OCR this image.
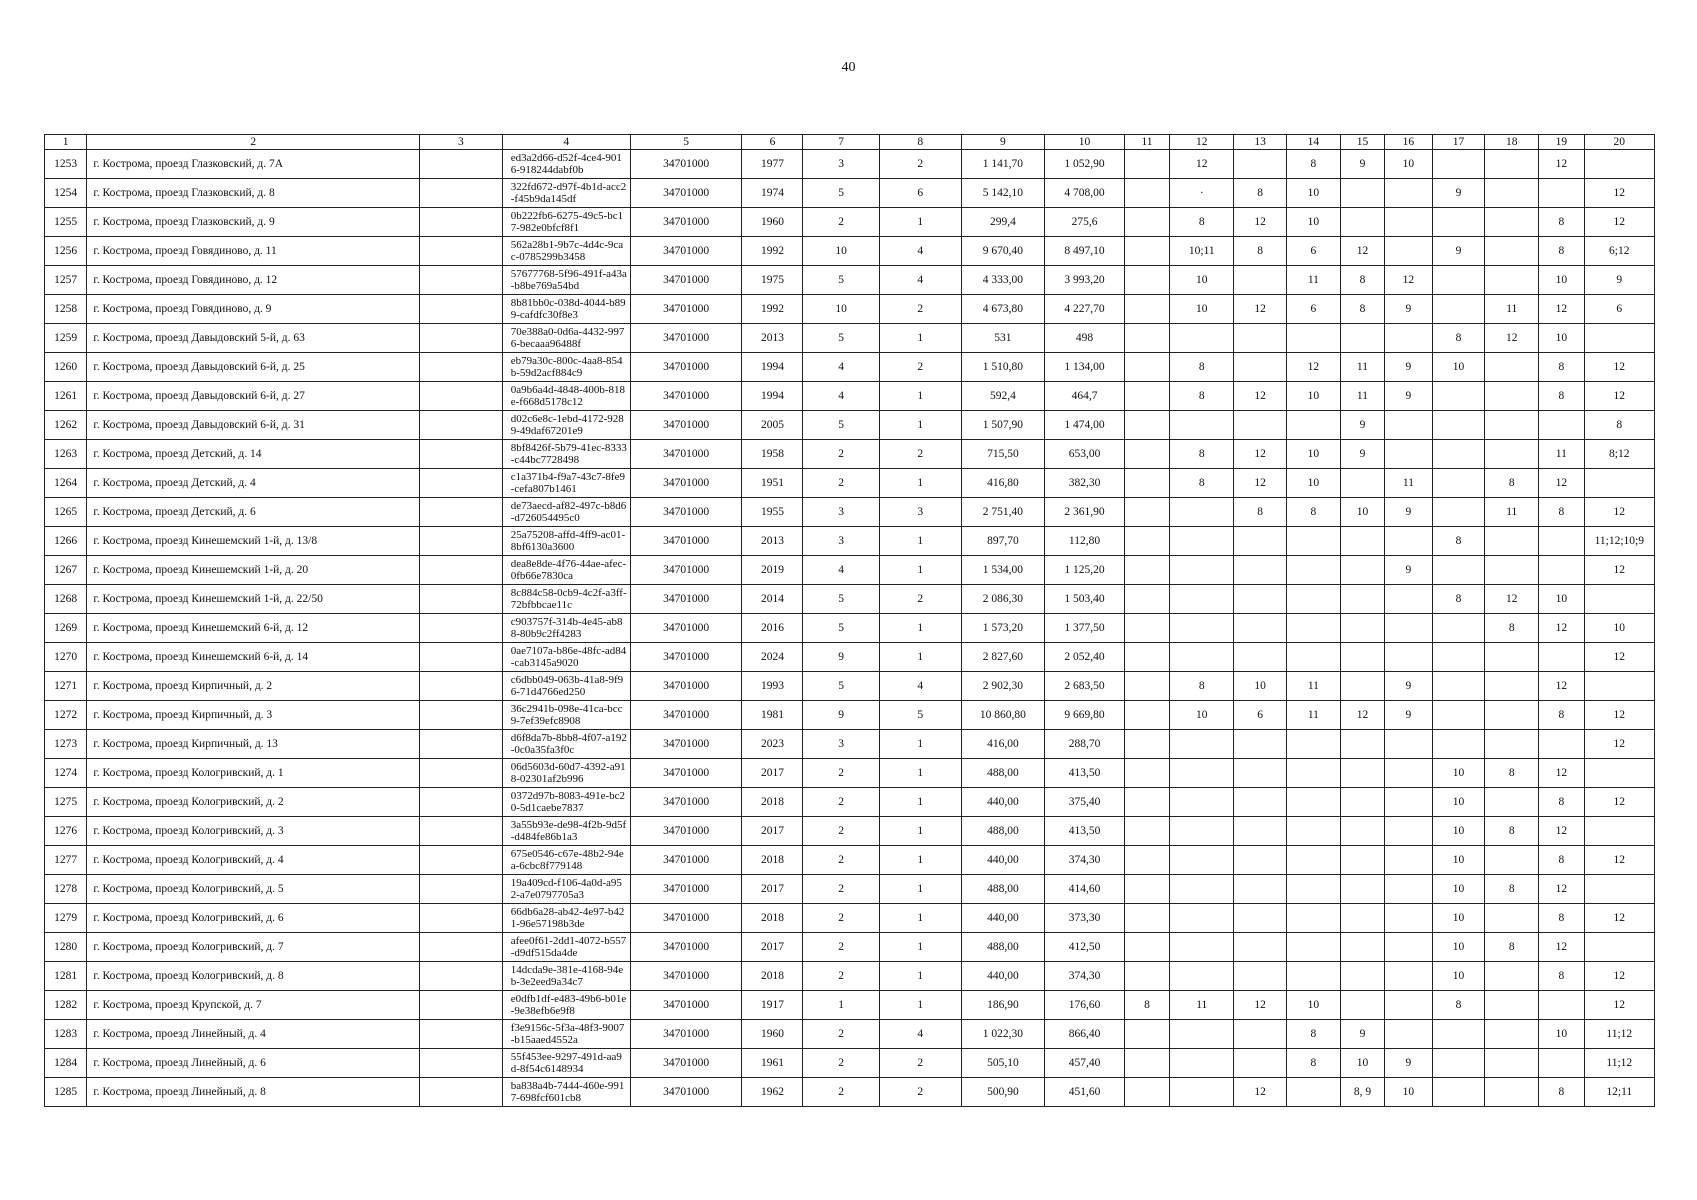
40
1	2	3	4	5	6	7	8	9	10	11	12	13	14	15	16	17	18	19	20
1253	г. Кострома, проезд Глазковский, д. 7А		ed3a2d66-d52f-4ce4-9016-918244dabf0b	34701000	1977	3	2	1 141,70	1 052,90		12		8	9	10			12	
1254	г. Кострома, проезд Глазковский, д. 8		322fd672-d97f-4b1d-acc2-f45b9da145df	34701000	1974	5	6	5 142,10	4 708,00		·	8	10			9			12
1255	г. Кострома, проезд Глазковский, д. 9		0b222fb6-6275-49c5-bc17-982e0bfcf8f1	34701000	1960	2	1	299,4	275,6		8	12	10					8	12
1256	г. Кострома, проезд Говядиново, д. 11		562a28b1-9b7c-4d4c-9cac-0785299b3458	34701000	1992	10	4	9 670,40	8 497,10		10;11	8	6	12		9		8	6;12
1257	г. Кострома, проезд Говядиново, д. 12		57677768-5f96-491f-a43a-b8be769a54bd	34701000	1975	5	4	4 333,00	3 993,20		10		11	8	12			10	9
1258	г. Кострома, проезд Говядиново, д. 9		8b81bb0c-038d-4044-b899-cafdfc30f8e3	34701000	1992	10	2	4 673,80	4 227,70		10	12	6	8	9		11	12	6
1259	г. Кострома, проезд Давыдовский 5-й, д. 63		70e388a0-0d6a-4432-9976-becaaa96488f	34701000	2013	5	1	531	498							8	12	10	
1260	г. Кострома, проезд Давыдовский 6-й, д. 25		eb79a30c-800c-4aa8-854b-59d2acf884c9	34701000	1994	4	2	1 510,80	1 134,00		8		12	11	9	10		8	12
1261	г. Кострома, проезд Давыдовский 6-й, д. 27		0a9b6a4d-4848-400b-818e-f668d5178c12	34701000	1994	4	1	592,4	464,7		8	12	10	11	9			8	12
1262	г. Кострома, проезд Давыдовский 6-й, д. 31		d02c6e8c-1ebd-4172-9289-49daf67201e9	34701000	2005	5	1	1 507,90	1 474,00					9					8
1263	г. Кострома, проезд Детский, д. 14		8bf8426f-5b79-41ec-8333-c44bc7728498	34701000	1958	2	2	715,50	653,00		8	12	10	9				11	8;12
1264	г. Кострома, проезд Детский, д. 4		c1a371b4-f9a7-43c7-8fe9-cefa807b1461	34701000	1951	2	1	416,80	382,30		8	12	10		11		8	12	
1265	г. Кострома, проезд Детский, д. 6		de73aecd-af82-497c-b8d6-d726054495c0	34701000	1955	3	3	2 751,40	2 361,90			8	8	10	9		11	8	12
1266	г. Кострома, проезд Кинешемский 1-й, д. 13/8		25a75208-affd-4ff9-ac01-8bf6130a3600	34701000	2013	3	1	897,70	112,80							8			11;12;10;9
1267	г. Кострома, проезд Кинешемский 1-й, д. 20		dea8e8de-4f76-44ae-afec-0fb66e7830ca	34701000	2019	4	1	1 534,00	1 125,20						9				12
1268	г. Кострома, проезд Кинешемский 1-й, д. 22/50		8c884c58-0cb9-4c2f-a3ff-72bfbbcae11c	34701000	2014	5	2	2 086,30	1 503,40							8	12	10	
1269	г. Кострома, проезд Кинешемский 6-й, д. 12		c903757f-314b-4e45-ab88-80b9c2ff4283	34701000	2016	5	1	1 573,20	1 377,50								8	12	10
1270	г. Кострома, проезд Кинешемский 6-й, д. 14		0ae7107a-b86e-48fc-ad84-cab3145a9020	34701000	2024	9	1	2 827,60	2 052,40										12
1271	г. Кострома, проезд Кирпичный, д. 2		c6dbb049-063b-41a8-9f96-71d4766ed250	34701000	1993	5	4	2 902,30	2 683,50		8	10	11		9			12	
1272	г. Кострома, проезд Кирпичный, д. 3		36c2941b-098e-41ca-bcc9-7ef39efc8908	34701000	1981	9	5	10 860,80	9 669,80		10	6	11	12	9			8	12
1273	г. Кострома, проезд Кирпичный, д. 13		d6f8da7b-8bb8-4f07-a192-0c0a35fa3f0c	34701000	2023	3	1	416,00	288,70										12
1274	г. Кострома, проезд Кологривский, д. 1		06d5603d-60d7-4392-a918-02301af2b996	34701000	2017	2	1	488,00	413,50							10	8	12	
1275	г. Кострома, проезд Кологривский, д. 2		0372d97b-8083-491e-bc20-5d1caebe7837	34701000	2018	2	1	440,00	375,40							10		8	12
1276	г. Кострома, проезд Кологривский, д. 3		3a55b93e-de98-4f2b-9d5f-d484fe86b1a3	34701000	2017	2	1	488,00	413,50							10	8	12	
1277	г. Кострома, проезд Кологривский, д. 4		675e0546-c67e-48b2-94ea-6cbc8f779148	34701000	2018	2	1	440,00	374,30							10		8	12
1278	г. Кострома, проезд Кологривский, д. 5		19a409cd-f106-4a0d-a952-a7e0797705a3	34701000	2017	2	1	488,00	414,60							10	8	12	
1279	г. Кострома, проезд Кологривский, д. 6		66db6a28-ab42-4e97-b421-96e57198b3de	34701000	2018	2	1	440,00	373,30							10		8	12
1280	г. Кострома, проезд Кологривский, д. 7		afee0f61-2dd1-4072-b557-d9df515da4de	34701000	2017	2	1	488,00	412,50							10	8	12	
1281	г. Кострома, проезд Кологривский, д. 8		14dcda9e-381e-4168-94eb-3e2eed9a34c7	34701000	2018	2	1	440,00	374,30							10		8	12
1282	г. Кострома, проезд Крупской, д. 7		e0dfb1df-e483-49b6-b01e-9e38efb6e9f8	34701000	1917	1	1	186,90	176,60	8	11	12	10			8			12
1283	г. Кострома, проезд Линейный, д. 4		f3e9156c-5f3a-48f3-9007-b15aaed4552a	34701000	1960	2	4	1 022,30	866,40				8	9				10	11;12
1284	г. Кострома, проезд Линейный, д. 6		55f453ee-9297-491d-aa9d-8f54c6148934	34701000	1961	2	2	505,10	457,40				8	10	9				11;12
1285	г. Кострома, проезд Линейный, д. 8		ba838a4b-7444-460e-9917-698fcf601cb8	34701000	1962	2	2	500,90	451,60			12		8, 9	10			8	12;11
